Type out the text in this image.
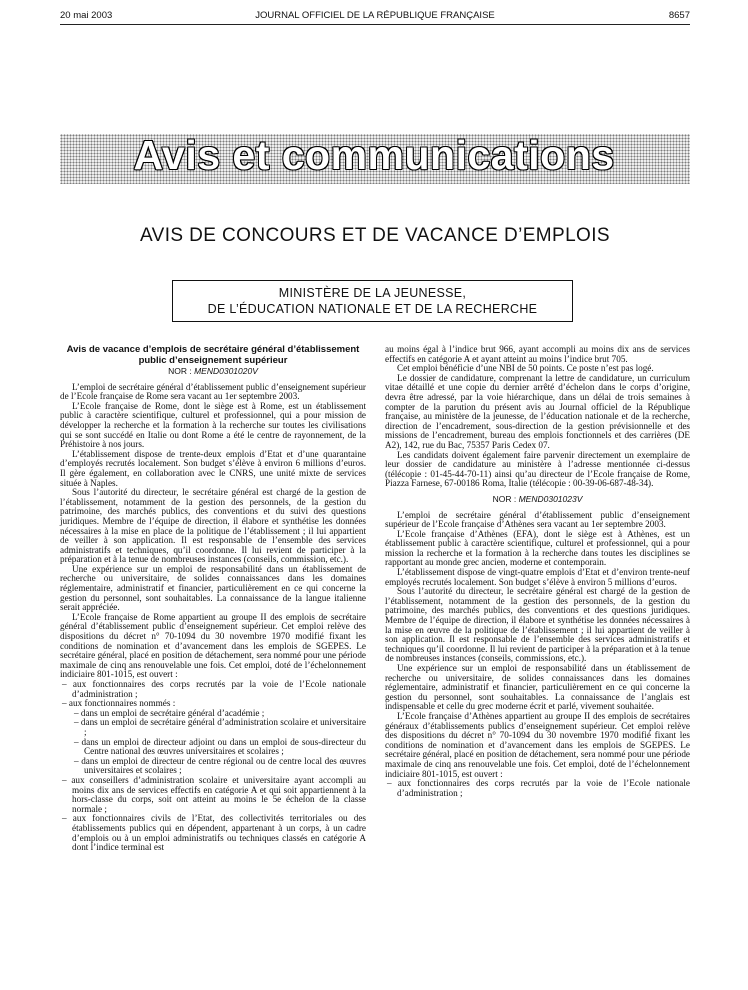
20 mai 2003	JOURNAL OFFICIEL DE LA RÉPUBLIQUE FRANÇAISE	8657
Avis et communications
AVIS DE CONCOURS ET DE VACANCE D’EMPLOIS
MINISTÈRE DE LA JEUNESSE,
DE L’ÉDUCATION NATIONALE ET DE LA RECHERCHE
Avis de vacance d’emplois de secrétaire général d’établissement public d’enseignement supérieur
NOR : MEND0301020V

L’emploi de secrétaire général d’établissement public d’enseignement supérieur de l’Ecole française de Rome sera vacant au 1er septembre 2003.

L’Ecole française de Rome, dont le siège est à Rome, est un établissement public à caractère scientifique, culturel et professionnel, qui a pour mission de développer la recherche et la formation à la recherche sur toutes les civilisations qui se sont succédé en Italie ou dont Rome a été le centre de rayonnement, de la Préhistoire à nos jours.

L’établissement dispose de trente-deux emplois d’Etat et d’une quarantaine d’employés recrutés localement. Son budget s’élève à environ 6 millions d’euros. Il gère également, en collaboration avec le CNRS, une unité mixte de services située à Naples.

Sous l’autorité du directeur, le secrétaire général est chargé de la gestion de l’établissement, notamment de la gestion des personnels, de la gestion du patrimoine, des marchés publics, des conventions et du suivi des questions juridiques. Membre de l’équipe de direction, il élabore et synthétise les données nécessaires à la mise en place de la politique de l’établissement ; il lui appartient de veiller à son application. Il est responsable de l’ensemble des services administratifs et techniques, qu’il coordonne. Il lui revient de participer à la préparation et à la tenue de nombreuses instances (conseils, commission, etc.).

Une expérience sur un emploi de responsabilité dans un établissement de recherche ou universitaire, de solides connaissances dans les domaines réglementaire, administratif et financier, particulièrement en ce qui concerne la gestion du personnel, sont souhaitables. La connaissance de la langue italienne serait appréciée.

L’Ecole française de Rome appartient au groupe II des emplois de secrétaire général d’établissement public d’enseignement supérieur. Cet emploi relève des dispositions du décret n° 70-1094 du 30 novembre 1970 modifié fixant les conditions de nomination et d’avancement dans les emplois de SGEPES. Le secrétaire général, placé en position de détachement, sera nommé pour une période maximale de cinq ans renouvelable une fois. Cet emploi, doté de l’échelonnement indiciaire 801-1015, est ouvert :

– aux fonctionnaires des corps recrutés par la voie de l’Ecole nationale d’administration ;
– aux fonctionnaires nommés :
– dans un emploi de secrétaire général d’académie ;
– dans un emploi de secrétaire général d’administration scolaire et universitaire ;
– dans un emploi de directeur adjoint ou dans un emploi de sous-directeur du Centre national des œuvres universitaires et scolaires ;
– dans un emploi de directeur de centre régional ou de centre local des œuvres universitaires et scolaires ;
– aux conseillers d’administration scolaire et universitaire ayant accompli au moins dix ans de services effectifs en catégorie A et qui soit appartiennent à la hors-classe du corps, soit ont atteint au moins le 5e échelon de la classe normale ;
– aux fonctionnaires civils de l’Etat, des collectivités territoriales ou des établissements publics qui en dépendent, appartenant à un corps, à un cadre d’emplois ou à un emploi administratifs ou techniques classés en catégorie A dont l’indice terminal est

au moins égal à l’indice brut 966, ayant accompli au moins dix ans de services effectifs en catégorie A et ayant atteint au moins l’indice brut 705.

Cet emploi bénéficie d’une NBI de 50 points. Ce poste n’est pas logé.

Le dossier de candidature, comprenant la lettre de candidature, un curriculum vitae détaillé et une copie du dernier arrêté d’échelon dans le corps d’origine, devra être adressé, par la voie hiérarchique, dans un délai de trois semaines à compter de la parution du présent avis au Journal officiel de la République française, au ministère de la jeunesse, de l’éducation nationale et de la recherche, direction de l’encadrement, sous-direction de la gestion prévisionnelle et des missions de l’encadrement, bureau des emplois fonctionnels et des carrières (DE A2), 142, rue du Bac, 75357 Paris Cedex 07.

Les candidats doivent également faire parvenir directement un exemplaire de leur dossier de candidature au ministère à l’adresse mentionnée ci-dessus (télécopie : 01-45-44-70-11) ainsi qu’au directeur de l’Ecole française de Rome, Piazza Farnese, 67-00186 Roma, Italie (télécopie : 00-39-06-687-48-34).

NOR : MEND0301023V

L’emploi de secrétaire général d’établissement public d’enseignement supérieur de l’Ecole française d’Athènes sera vacant au 1er septembre 2003.

L’Ecole française d’Athènes (EFA), dont le siège est à Athènes, est un établissement public à caractère scientifique, culturel et professionnel, qui a pour mission la recherche et la formation à la recherche dans toutes les disciplines se rapportant au monde grec ancien, moderne et contemporain.

L’établissement dispose de vingt-quatre emplois d’Etat et d’environ trente-neuf employés recrutés localement. Son budget s’élève à environ 5 millions d’euros.

Sous l’autorité du directeur, le secrétaire général est chargé de la gestion de l’établissement, notamment de la gestion des personnels, de la gestion du patrimoine, des marchés publics, des conventions et des questions juridiques. Membre de l’équipe de direction, il élabore et synthétise les données nécessaires à la mise en œuvre de la politique de l’établissement ; il lui appartient de veiller à son application. Il est responsable de l’ensemble des services administratifs et techniques qu’il coordonne. Il lui revient de participer à la préparation et à la tenue de nombreuses instances (conseils, commissions, etc.).

Une expérience sur un emploi de responsabilité dans un établissement de recherche ou universitaire, de solides connaissances dans les domaines réglementaire, administratif et financier, particulièrement en ce qui concerne la gestion du personnel, sont souhaitables. La connaissance de l’anglais est indispensable et celle du grec moderne écrit et parlé, vivement souhaitée.

L’Ecole française d’Athènes appartient au groupe II des emplois de secrétaires généraux d’établissements publics d’enseignement supérieur. Cet emploi relève des dispositions du décret n° 70-1094 du 30 novembre 1970 modifié fixant les conditions de nomination et d’avancement dans les emplois de SGEPES. Le secrétaire général, placé en position de détachement, sera nommé pour une période maximale de cinq ans renouvelable une fois. Cet emploi, doté de l’échelonnement indiciaire 801-1015, est ouvert :

– aux fonctionnaires des corps recrutés par la voie de l’Ecole nationale d’administration ;
